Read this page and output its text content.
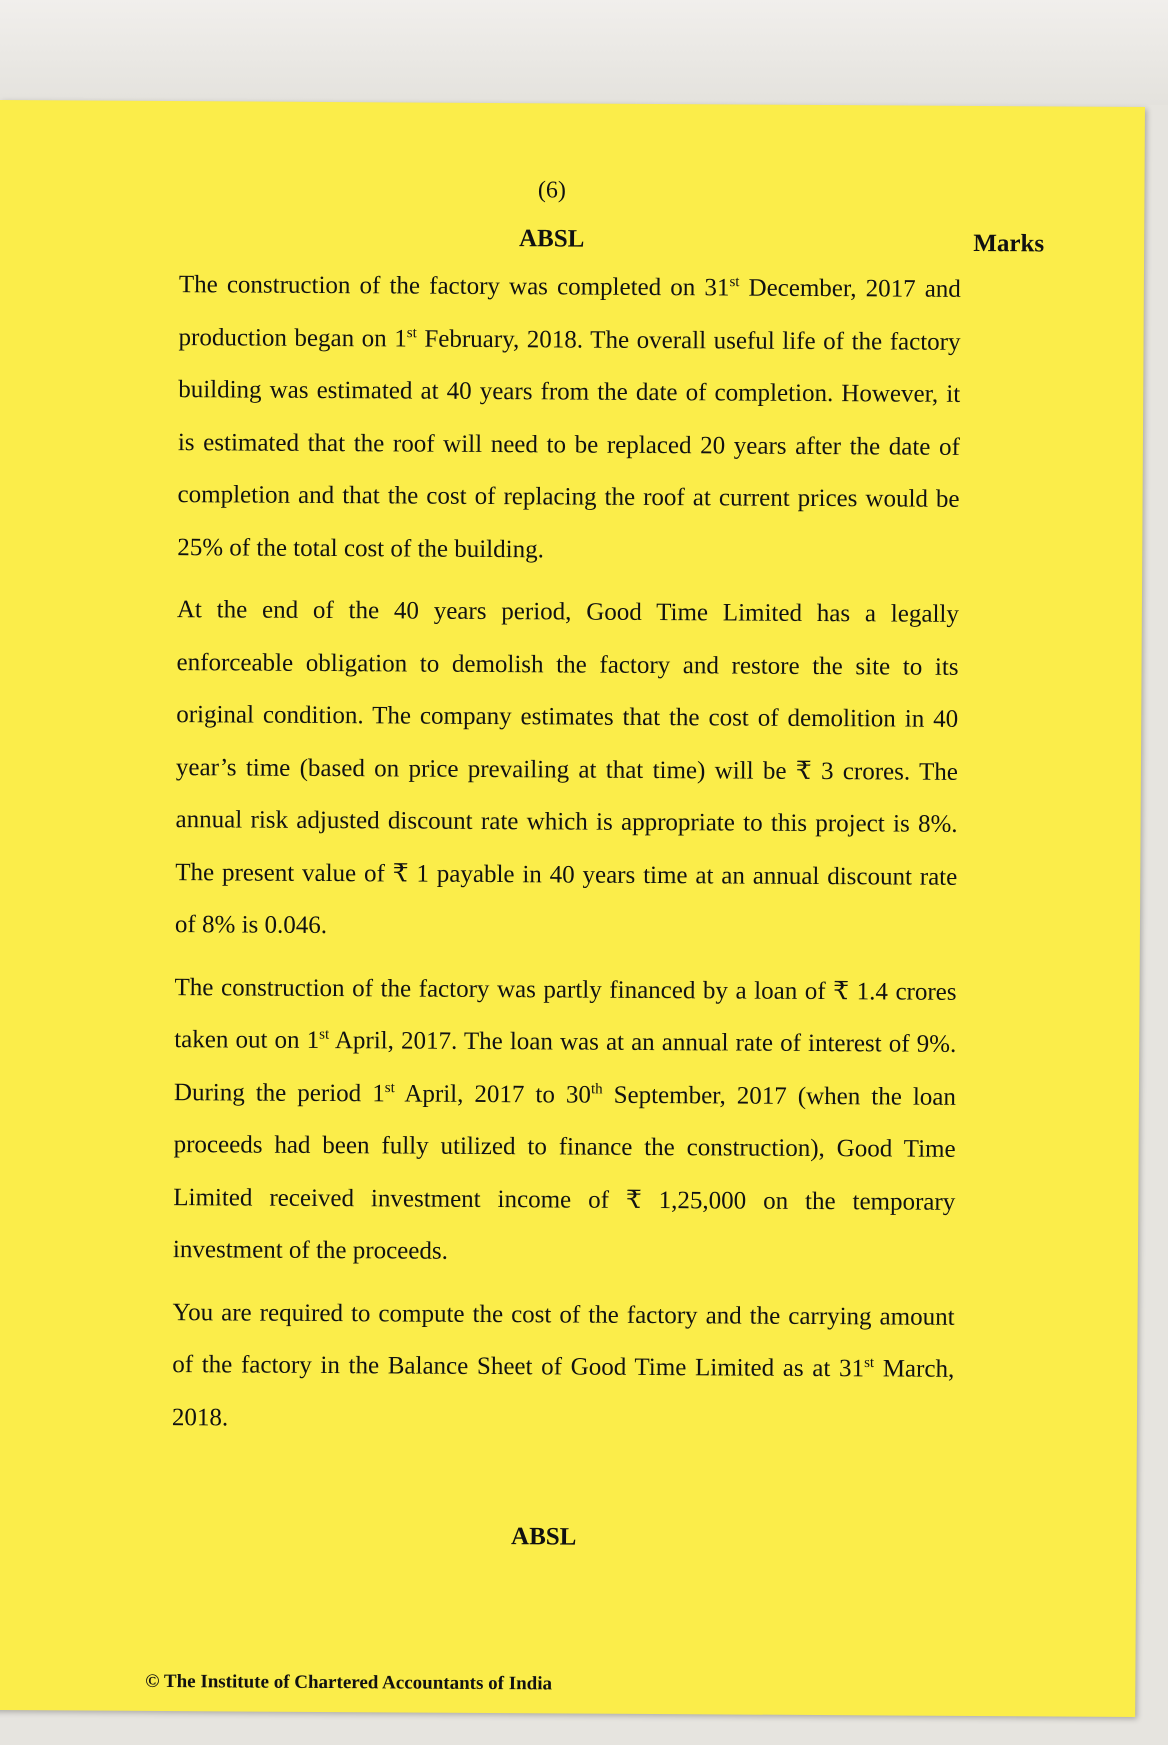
(6)
ABSL	Marks

The construction of the factory was completed on 31st December, 2017 and production began on 1st February, 2018. The overall useful life of the factory building was estimated at 40 years from the date of completion. However, it is estimated that the roof will need to be replaced 20 years after the date of completion and that the cost of replacing the roof at current prices would be 25% of the total cost of the building.

At the end of the 40 years period, Good Time Limited has a legally enforceable obligation to demolish the factory and restore the site to its original condition. The company estimates that the cost of demolition in 40 year’s time (based on price prevailing at that time) will be ₹ 3 crores. The annual risk adjusted discount rate which is appropriate to this project is 8%. The present value of ₹ 1 payable in 40 years time at an annual discount rate of 8% is 0.046.

The construction of the factory was partly financed by a loan of ₹ 1.4 crores taken out on 1st April, 2017. The loan was at an annual rate of interest of 9%. During the period 1st April, 2017 to 30th September, 2017 (when the loan proceeds had been fully utilized to finance the construction), Good Time Limited received investment income of ₹ 1,25,000 on the temporary investment of the proceeds.

You are required to compute the cost of the factory and the carrying amount of the factory in the Balance Sheet of Good Time Limited as at 31st March, 2018.

ABSL
© The Institute of Chartered Accountants of India
